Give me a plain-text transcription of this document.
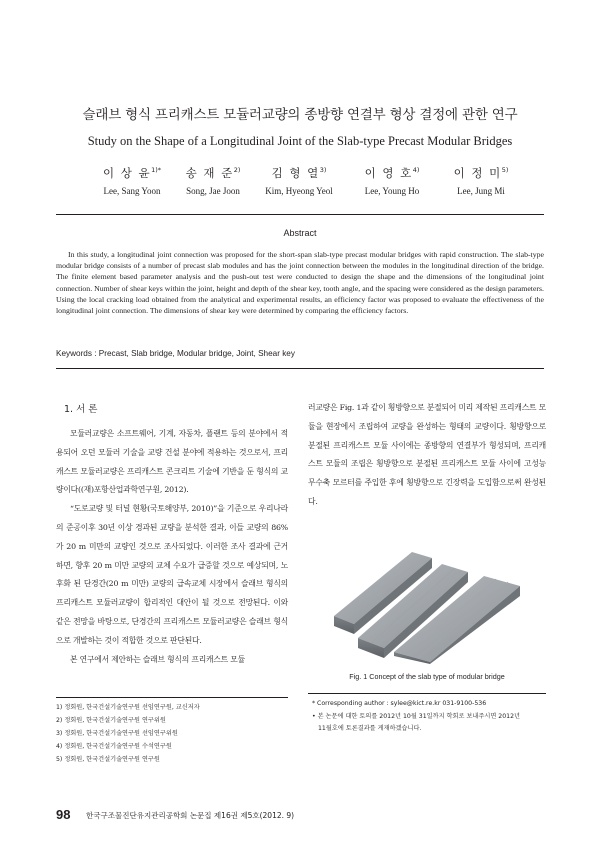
슬래브 형식 프리캐스트 모듈러교량의 종방향 연결부 형상 결정에 관한 연구
Study on the Shape of a Longitudinal Joint of the Slab-type Precast Modular Bridges
이 상 윤$^{1)*}$
Lee, Sang Yoon
송 재 준$^{2)}$
Song, Jae Joon
김 형 열$^{3)}$
Kim, Hyeong Yeol
이 영 호$^{4)}$
Lee, Young Ho
이 정 미$^{5)}$
Lee, Jung Mi
Abstract
In this study, a longitudinal joint connection was proposed for the short-span slab-type precast modular bridges with rapid construction. The slab-type modular bridge consists of a number of precast slab modules and has the joint connection between the modules in the longitudinal direction of the bridge. The finite element based parameter analysis and the push-out test were conducted to design the shape and the dimensions of the longitudinal joint connection. Number of shear keys within the joint, height and depth of the shear key, tooth angle, and the spacing were considered as the design parameters. Using the local cracking load obtained from the analytical and experimental results, an efficiency factor was proposed to evaluate the effectiveness of the longitudinal joint connection. The dimensions of shear key were determined by comparing the efficiency factors.
Keywords : Precast, Slab bridge, Modular bridge, Joint, Shear key
1. 서 론

모듈러교량은 소프트웨어, 기계, 자동차, 플랜트 등의 분야에서 적용되어 오던 모듈러 기술을 교량 건설 분야에 적용하는 것으로서, 프리캐스트 모듈러교량은 프리캐스트 콘크리트 기술에 기반을 둔 형식의 교량이다((재)포항산업과학연구원, 2012).

“도로교량 및 터널 현황(국토해양부, 2010)”을 기준으로 우리나라의 준공이후 30년 이상 경과된 교량을 분석한 결과, 이들 교량의 86%가 20 m 미만의 교량인 것으로 조사되었다. 이러한 조사 결과에 근거하면, 향후 20 m 미만 교량의 교체 수요가 급증할 것으로 예상되며, 노후화 된 단경간(20 m 미만) 교량의 급속교체 시장에서 슬래브 형식의 프리캐스트 모듈러교량이 합리적인 대안이 될 것으로 전망된다. 이와 같은 전망을 바탕으로, 단경간의 프리캐스트 모듈러교량은 슬래브 형식으로 개발하는 것이 적합한 것으로 판단된다.

본 연구에서 제안하는 슬래브 형식의 프리캐스트 모듈

러교량은 Fig. 1과 같이 횡방향으로 분절되어 미리 제작된 프리캐스트 모듈을 현장에서 조립하여 교량을 완성하는 형태의 교량이다. 횡방향으로 분절된 프리캐스트 모듈 사이에는 종방향의 연결부가 형성되며, 프리캐스트 모듈의 조립은 횡방향으로 분절된 프리캐스트 모듈 사이에 고성능 무수축 모르터를 주입한 후에 횡방향으로 긴장력을 도입함으로써 완성된다.

Fig. 1 Concept of the slab type of modular bridge
1) 정회원, 한국건설기술연구원 선임연구원, 교신저자
2) 정회원, 한국건설기술연구원 연구위원
3) 정회원, 한국건설기술연구원 선임연구위원
4) 정회원, 한국건설기술연구원 수석연구원
5) 정회원, 한국건설기술연구원 연구원
* Corresponding author : sylee@kict.re.kr 031-9100-536
• 본 논문에 대한 토의를 2012년 10월 31일까지 학회로 보내주시면 2012년
11월호에 토론결과를 게재하겠습니다.
98 한국구조물진단유지관리공학회 논문집 제16권 제5호(2012. 9)
